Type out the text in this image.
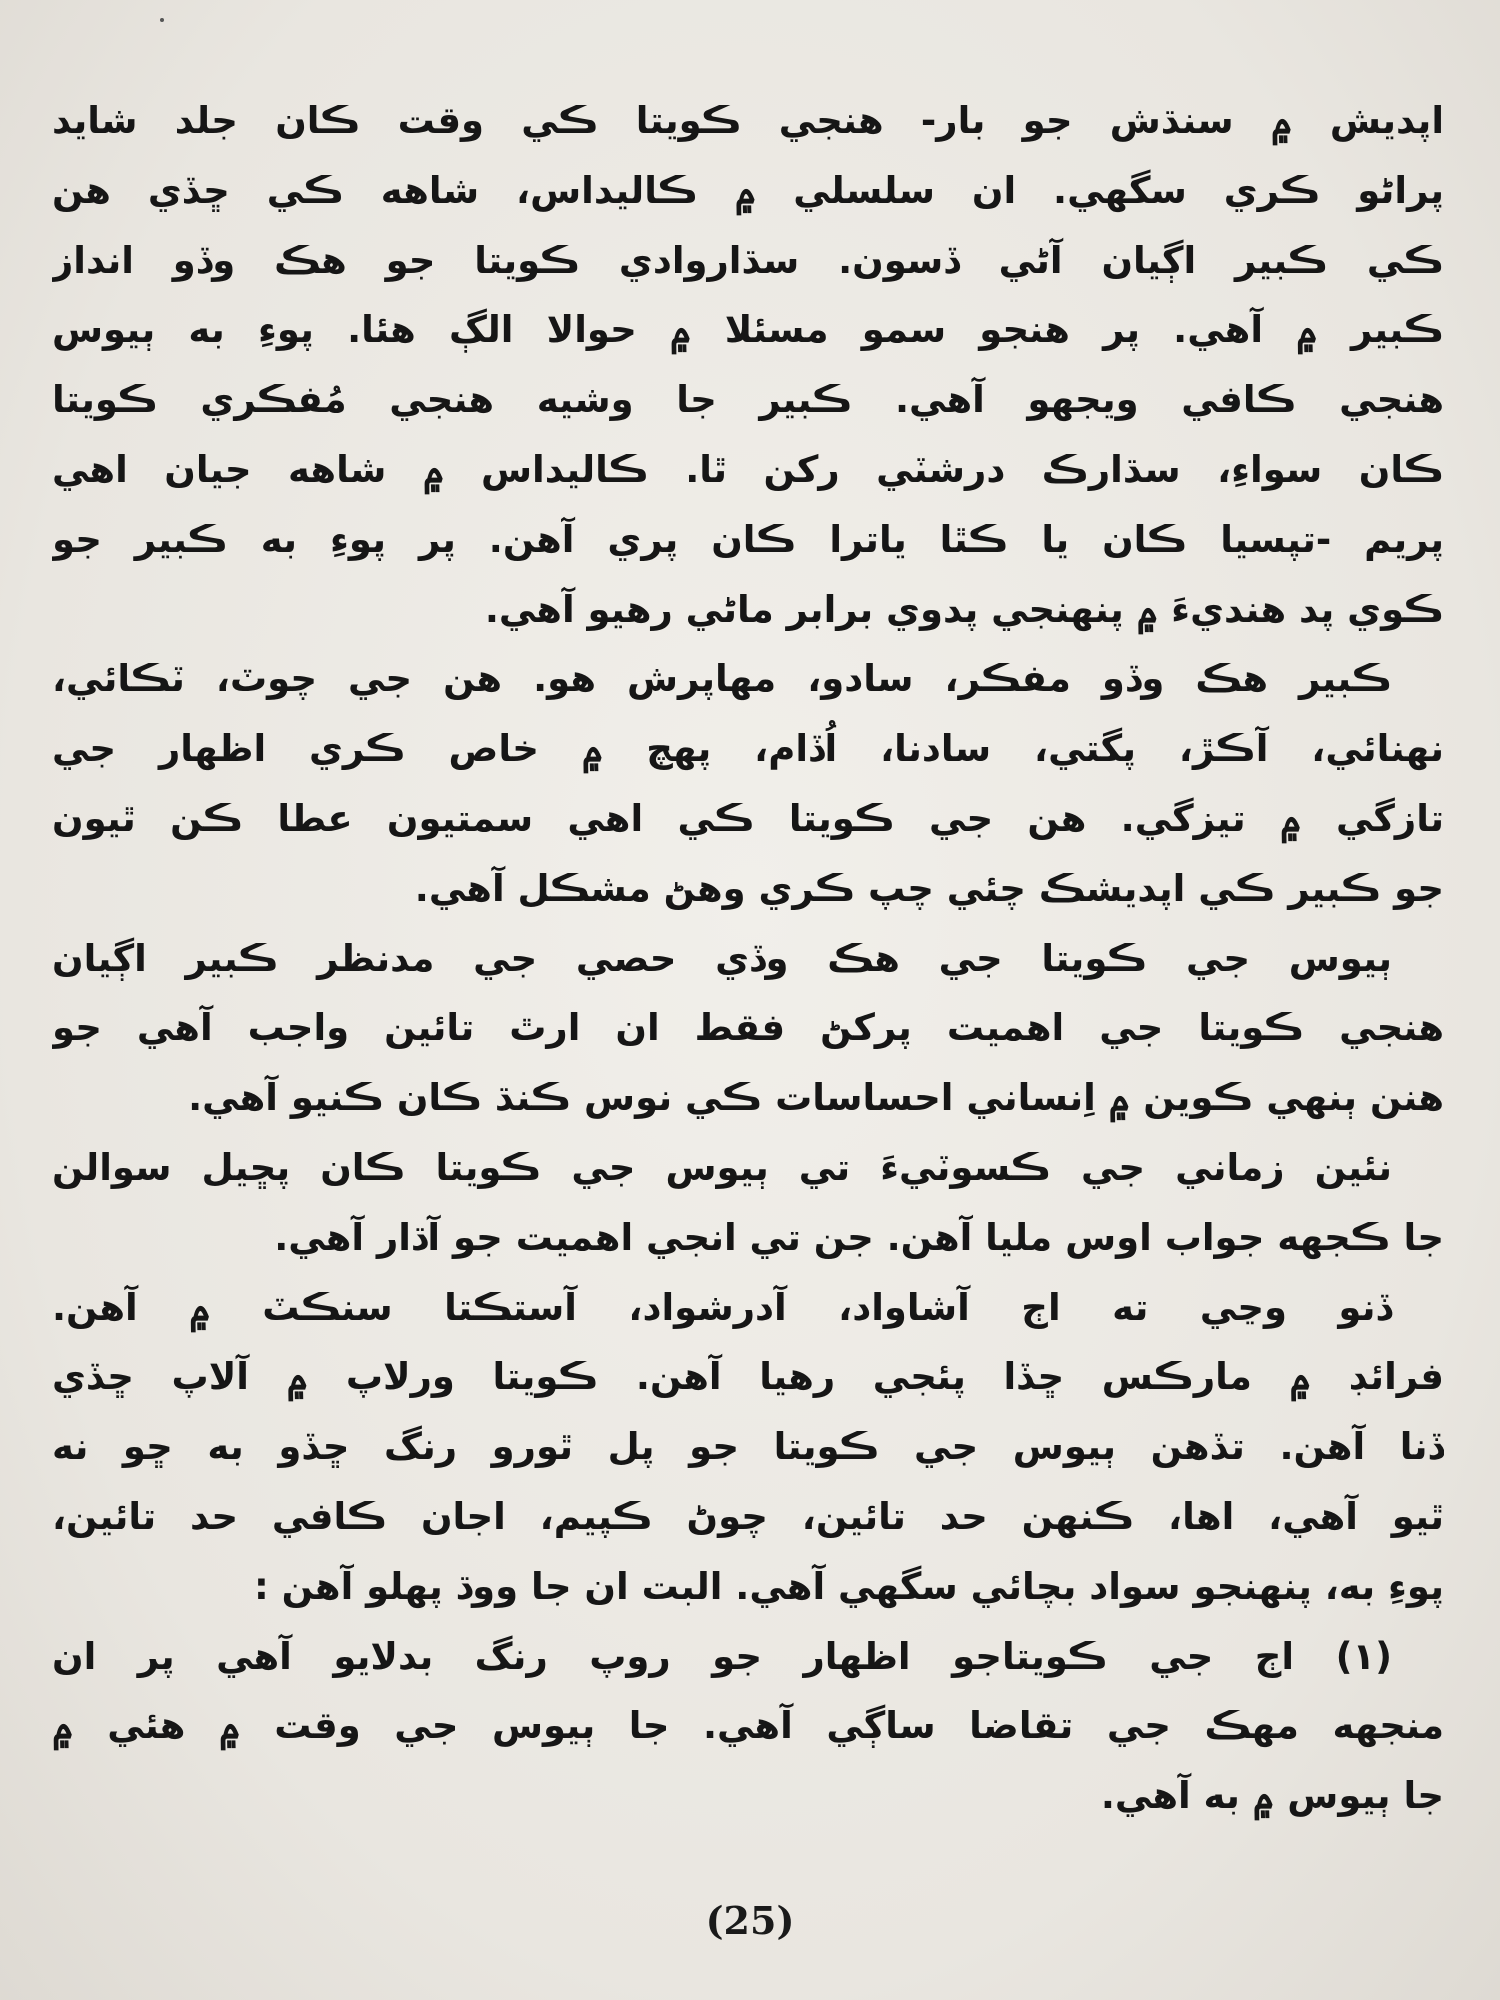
اپديش ۾ سنڌش جو بار- هنجي ڪويتا ڪي وقت ڪان جلد شايد
پراڻو ڪري سگهي. ان سلسلي ۾ ڪاليداس، شاهه ڪي ڇڏي هن
ڪي ڪبير اڳيان آڻي ڏسون. سڌاروادي ڪويتا جو هڪ وڏو انداز
ڪبير ۾ آهي. پر هنجو سمو مسئلا ۾ حوالا الڳ هئا. پوءِ به ٻيوس
هنجي ڪافي ويجهو آهي. ڪبير جا وشيه هنجي مُفڪري ڪويتا
ڪان سواءِ، سڌارڪ درشٽي رکن ٿا. ڪاليداس ۾ شاهه جيان اهي
پريم -تپسيا ڪان يا ڪٿا ياترا ڪان پري آهن. پر پوءِ به ڪبير جو
ڪوي پد هنديءَ ۾ پنهنجي پدوي برابر ماڻي رهيو آهي.
ڪبير هڪ وڏو مفڪر، سادو، مهاپرش هو. هن جي چوٽ، ٽڪائي،
نهنائي، آڪڙ، پگتي، سادنا، اُڏام، پهچ ۾ خاص ڪري اظهار جي
تازگي ۾ تيزگي. هن جي ڪويتا ڪي اهي سمتيون عطا ڪن ٿيون
جو ڪبير ڪي اپديشڪ چئي چپ ڪري وهڻ مشڪل آهي.
ٻيوس جي ڪويتا جي هڪ وڏي حصي جي مدنظر ڪبير اڳيان
هنجي ڪويتا جي اهميت پرکڻ فقط ان ارٿ تائين واجب آهي جو
هنن ٻنهي ڪوين ۾ اِنساني احساسات ڪي نوس ڪنڌ ڪان ڪنيو آهي.
نئين زماني جي ڪسوٽيءَ تي ٻيوس جي ڪويتا ڪان پڇيل سوالن
جا ڪجهه جواب اوس مليا آهن. جن تي انجي اهميت جو آڌار آهي.
ڏنو وڃي ته اڄ آشاواد، آدرشواد، آستڪتا سنڪٽ ۾ آهن.
فرائڊ ۾ مارڪس ڇڏا پئجي رهيا آهن. ڪويتا ورلاپ ۾ آلاپ ڇڏي
ڏنا آهن. تڏهن ٻيوس جي ڪويتا جو پل ٿورو رنگ ڇڏو به ڇو نه
ٿيو آهي، اها، ڪنهن حد تائين، چوڻ ڪپيم، اجان ڪافي حد تائين،
پوءِ به، پنهنجو سواد بچائي سگهي آهي. البت ان جا ووڌ پهلو آهن :
(١) اڄ جي ڪويتاجو اظهار جو روپ رنگ بدلايو آهي پر ان
منجهه مهڪ جي تقاضا ساڳي آهي. جا ٻيوس جي وقت ۾ هئي ۾
جا ٻيوس ۾ به آهي.
(25)
